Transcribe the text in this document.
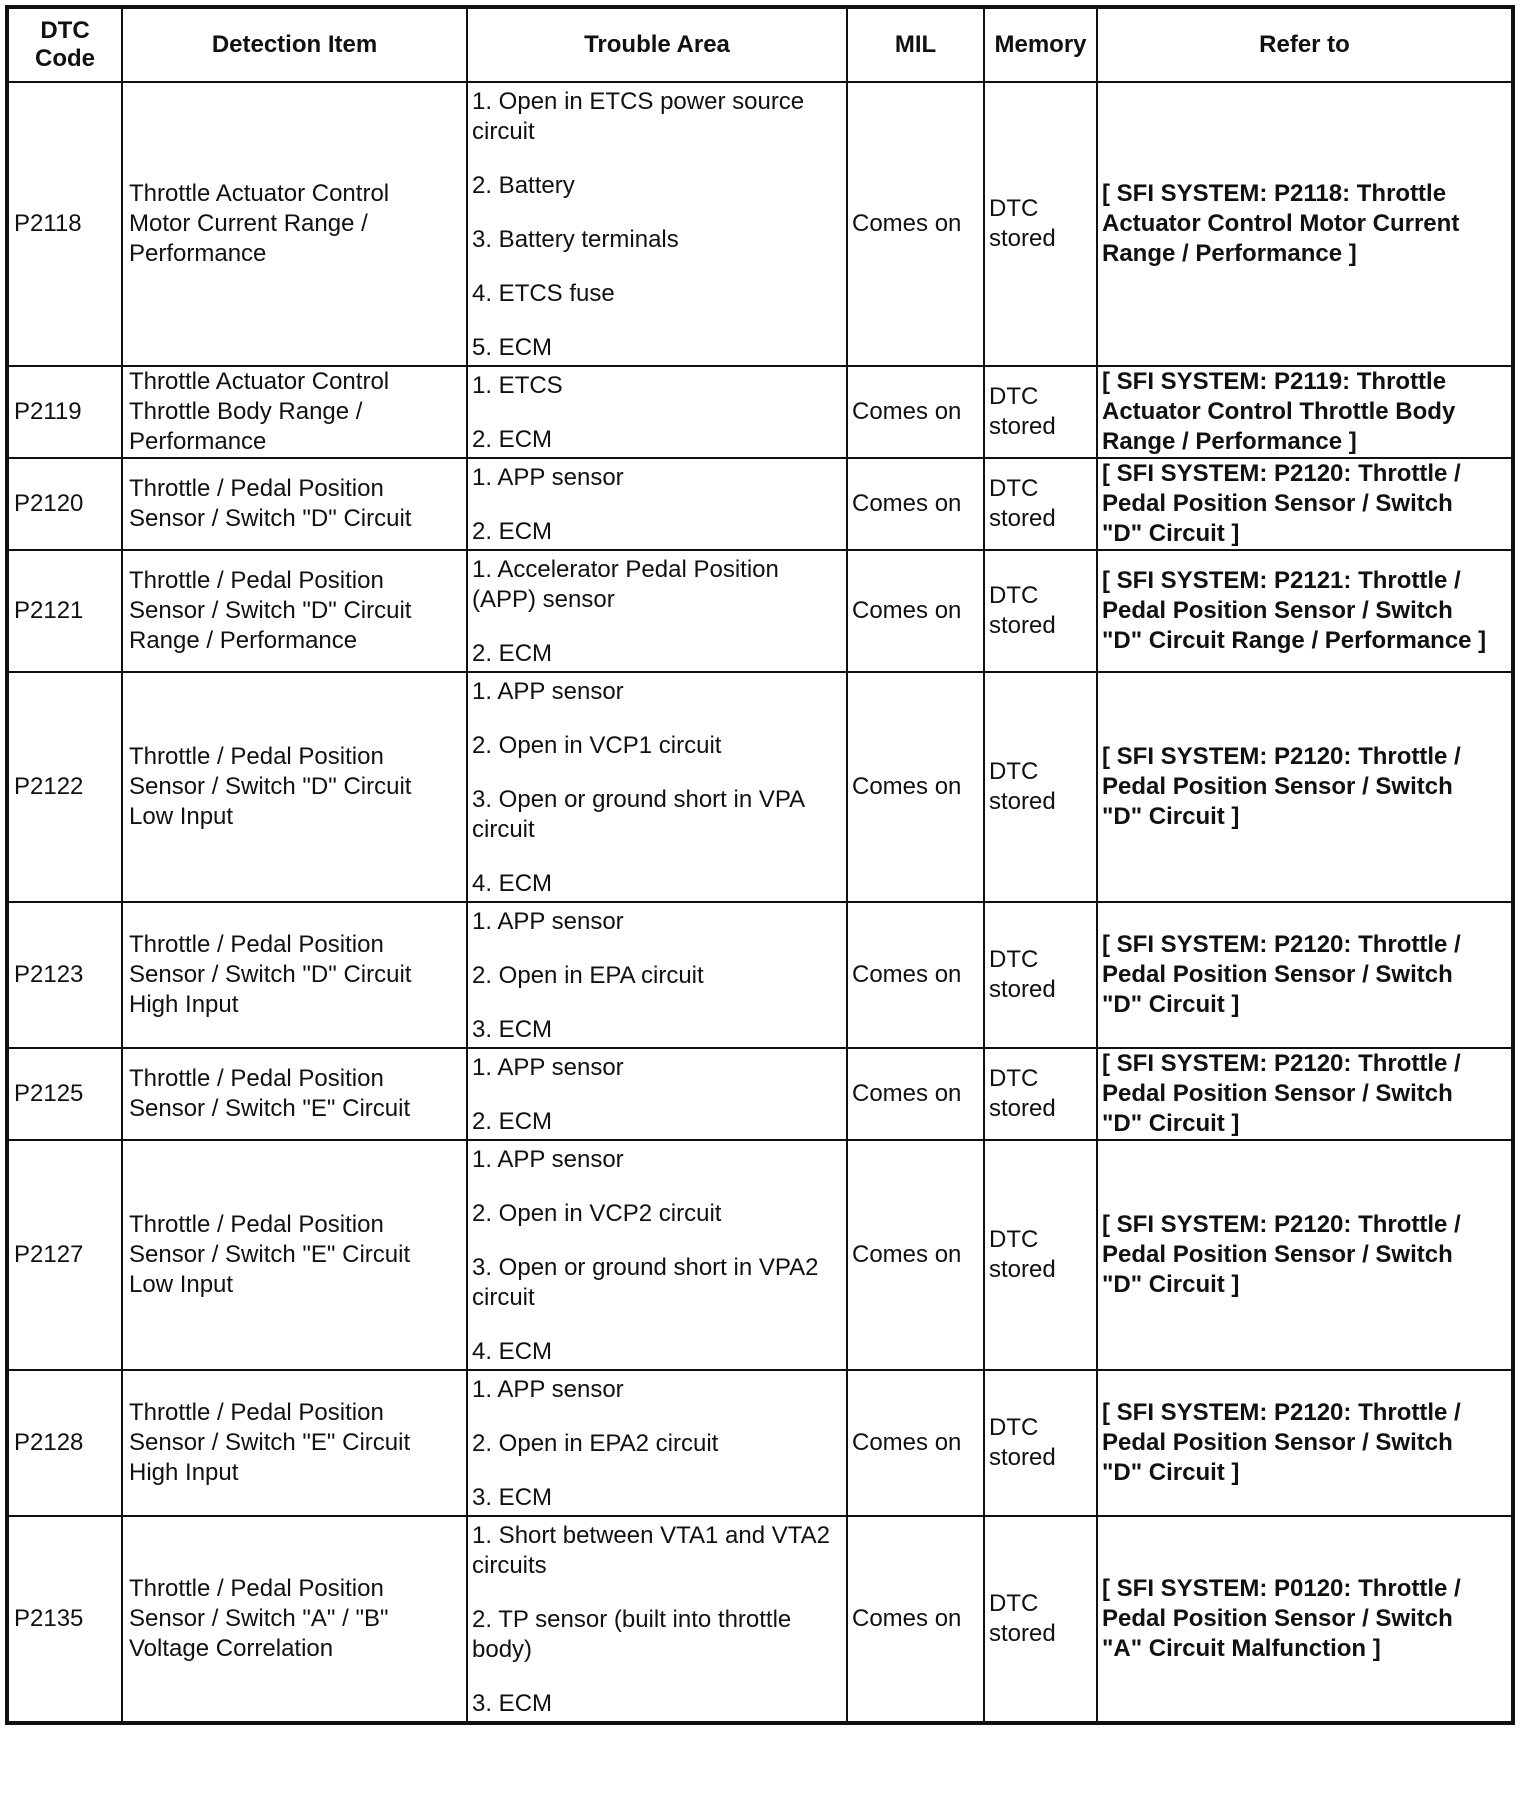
DTC
Code	Detection Item	Trouble Area	MIL	Memory	Refer to
P2118	Throttle Actuator Control
Motor Current Range /
Performance	1. Open in ETCS power source circuit
2. Battery
3. Battery terminals
4. ETCS fuse
5. ECM	Comes on	DTC
stored	[ SFI SYSTEM: P2118: Throttle
Actuator Control Motor Current
Range / Performance ]

P2119	Throttle Actuator Control
Throttle Body Range /
Performance	1. ETCS
2. ECM	Comes on	DTC
stored	[ SFI SYSTEM: P2119: Throttle
Actuator Control Throttle Body
Range / Performance ]

P2120	Throttle / Pedal Position
Sensor / Switch "D" Circuit	1. APP sensor
2. ECM	Comes on	DTC
stored	[ SFI SYSTEM: P2120: Throttle /
Pedal Position Sensor / Switch
"D" Circuit ]

P2121	Throttle / Pedal Position
Sensor / Switch "D" Circuit
Range / Performance	1. Accelerator Pedal Position (APP) sensor
2. ECM	Comes on	DTC
stored	[ SFI SYSTEM: P2121: Throttle /
Pedal Position Sensor / Switch
"D" Circuit Range / Performance ]

P2122	Throttle / Pedal Position
Sensor / Switch "D" Circuit
Low Input	1. APP sensor
2. Open in VCP1 circuit
3. Open or ground short in VPA circuit
4. ECM	Comes on	DTC
stored	[ SFI SYSTEM: P2120: Throttle /
Pedal Position Sensor / Switch
"D" Circuit ]

P2123	Throttle / Pedal Position
Sensor / Switch "D" Circuit
High Input	1. APP sensor
2. Open in EPA circuit
3. ECM	Comes on	DTC
stored	[ SFI SYSTEM: P2120: Throttle /
Pedal Position Sensor / Switch
"D" Circuit ]

P2125	Throttle / Pedal Position
Sensor / Switch "E" Circuit	1. APP sensor
2. ECM	Comes on	DTC
stored	[ SFI SYSTEM: P2120: Throttle /
Pedal Position Sensor / Switch
"D" Circuit ]

P2127	Throttle / Pedal Position
Sensor / Switch "E" Circuit
Low Input	1. APP sensor
2. Open in VCP2 circuit
3. Open or ground short in VPA2 circuit
4. ECM	Comes on	DTC
stored	[ SFI SYSTEM: P2120: Throttle /
Pedal Position Sensor / Switch
"D" Circuit ]

P2128	Throttle / Pedal Position
Sensor / Switch "E" Circuit
High Input	1. APP sensor
2. Open in EPA2 circuit
3. ECM	Comes on	DTC
stored	[ SFI SYSTEM: P2120: Throttle /
Pedal Position Sensor / Switch
"D" Circuit ]

P2135	Throttle / Pedal Position
Sensor / Switch "A" / "B"
Voltage Correlation	1. Short between VTA1 and VTA2 circuits
2. TP sensor (built into throttle body)
3. ECM	Comes on	DTC
stored	[ SFI SYSTEM: P0120: Throttle /
Pedal Position Sensor / Switch
"A" Circuit Malfunction ]
